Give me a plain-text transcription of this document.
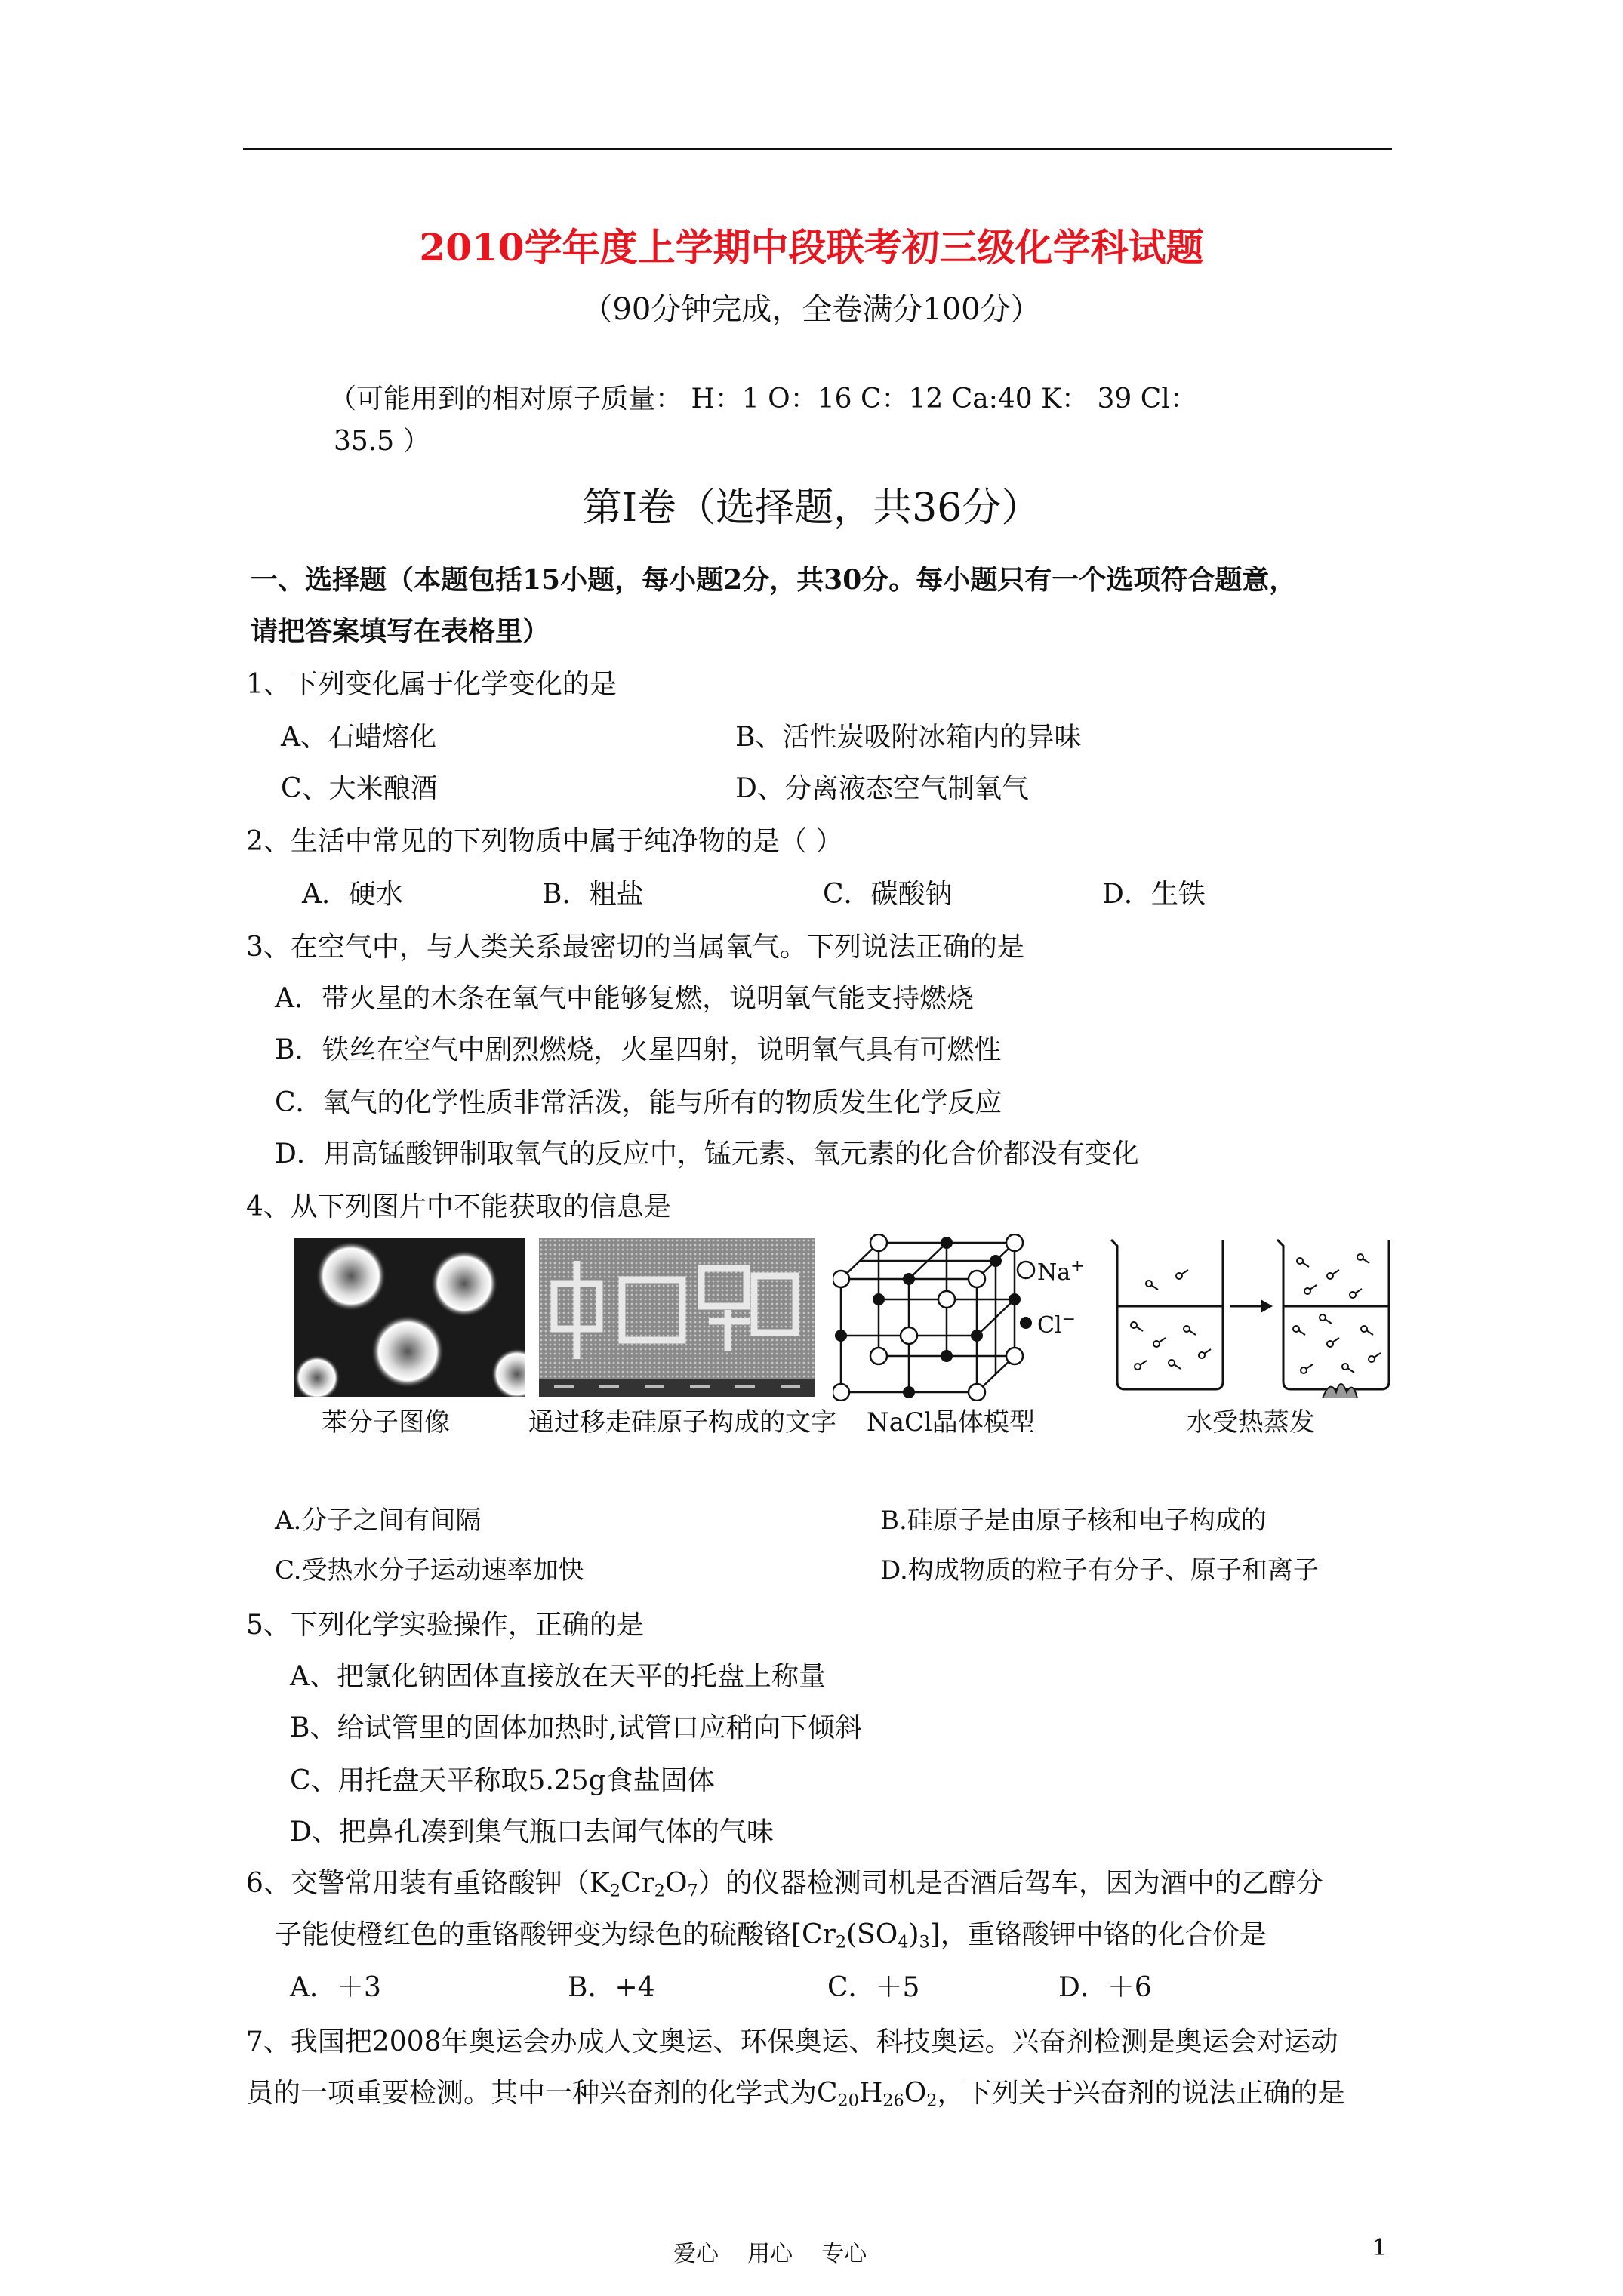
2010学年度上学期中段联考初三级化学科试题
（90分钟完成，全卷满分100分）
（可能用到的相对原子质量： H：1 O：16 C：12 Ca:40 K： 39 Cl：
35.5 ）
第Ⅰ卷（选择题，共36分）
一、选择题（本题包括15小题，每小题2分，共30分。每小题只有一个选项符合题意，
请把答案填写在表格里）
1、下列变化属于化学变化的是
A、石蜡熔化	B、活性炭吸附冰箱内的异味
C、大米酿酒	D、分离液态空气制氧气
2、生活中常见的下列物质中属于纯净物的是（ ）
A．硬水	B．粗盐	C．碳酸钠	D．生铁
3、在空气中，与人类关系最密切的当属氧气。下列说法正确的是
A．带火星的木条在氧气中能够复燃，说明氧气能支持燃烧
B．铁丝在空气中剧烈燃烧，火星四射，说明氧气具有可燃性
C．氧气的化学性质非常活泼，能与所有的物质发生化学反应
D．用高锰酸钾制取氧气的反应中，锰元素、氧元素的化合价都没有变化
4、从下列图片中不能获取的信息是
Na+
Cl−
苯分子图像	通过移走硅原子构成的文字 NaCl晶体模型	水受热蒸发
A.分子之间有间隔	B.硅原子是由原子核和电子构成的
C.受热水分子运动速率加快	D.构成物质的粒子有分子、原子和离子
5、下列化学实验操作，正确的是
A、把氯化钠固体直接放在天平的托盘上称量
B、给试管里的固体加热时,试管口应稍向下倾斜
C、用托盘天平称取5.25g食盐固体
D、把鼻孔凑到集气瓶口去闻气体的气味
6、交警常用装有重铬酸钾$(K_2Cr_2O_7)$的仪器检测司机是否酒后驾车，因为酒中的乙醇分
子能使橙红色的重铬酸钾变为绿色的硫酸铬$[Cr_2(SO_4)_3]$，重铬酸钾中铬的化合价是
A．＋3	B．+4	C．＋5	D．＋6
7、我国把2008年奥运会办成人文奥运、环保奥运、科技奥运。兴奋剂检测是奥运会对运动
员的一项重要检测。其中一种兴奋剂的化学式为$C_{20}H_{26}O_2$，下列关于兴奋剂的说法正确的是
爱心    用心    专心	1
